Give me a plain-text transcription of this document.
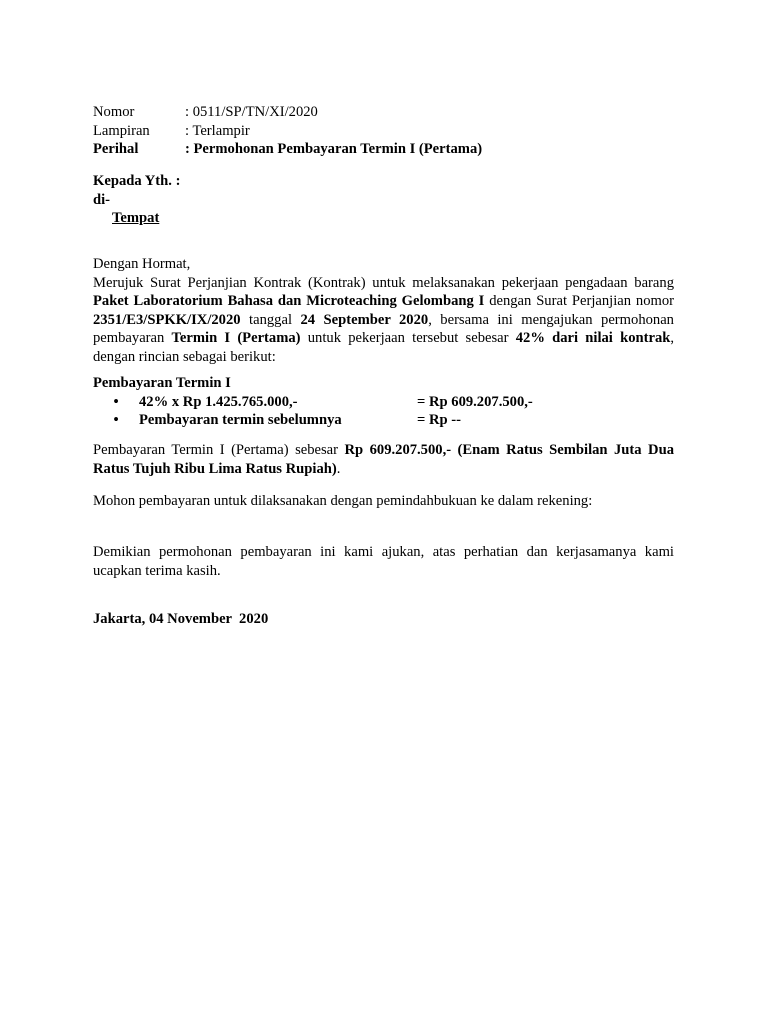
Nomor	: 0511/SP/TN/XI/2020
Lampiran	: Terlampir
Perihal	: Permohonan Pembayaran Termin I (Pertama)
Kepada Yth. :
di-
Tempat
Dengan Hormat,
Merujuk Surat Perjanjian Kontrak (Kontrak) untuk melaksanakan pekerjaan pengadaan barang Paket Laboratorium Bahasa dan Microteaching Gelombang I dengan Surat Perjanjian nomor 2351/E3/SPKK/IX/2020 tanggal 24 September 2020, bersama ini mengajukan permohonan pembayaran Termin I (Pertama) untuk pekerjaan tersebut sebesar 42% dari nilai kontrak, dengan rincian sebagai berikut:
Pembayaran Termin I
•	42% x Rp 1.425.765.000,-	= Rp 609.207.500,-
•	Pembayaran termin sebelumnya	= Rp --
Pembayaran Termin I (Pertama) sebesar Rp 609.207.500,- (Enam Ratus Sembilan Juta Dua Ratus Tujuh Ribu Lima Ratus Rupiah).
Mohon pembayaran untuk dilaksanakan dengan pemindahbukuan ke dalam rekening:
Demikian permohonan pembayaran ini kami ajukan, atas perhatian dan kerjasamanya kami ucapkan terima kasih.
Jakarta, 04 November  2020
